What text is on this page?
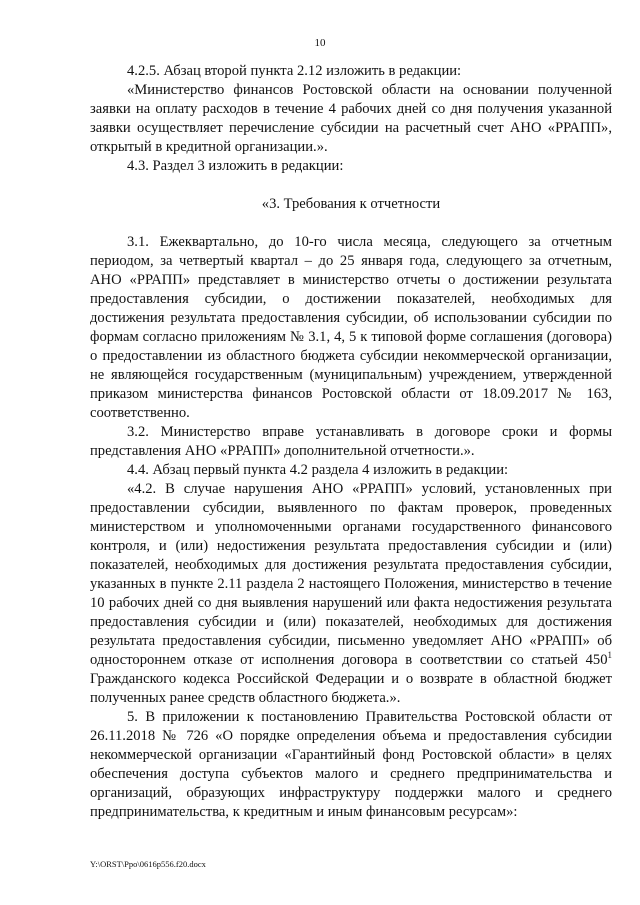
10

4.2.5. Абзац второй пункта 2.12 изложить в редакции:

«Министерство финансов Ростовской области на основании полученной заявки на оплату расходов в течение 4 рабочих дней со дня получения указанной заявки осуществляет перечисление субсидии на расчетный счет АНО «РРАПП», открытый в кредитной организации.».

4.3. Раздел 3 изложить в редакции:

«3. Требования к отчетности

3.1. Ежеквартально, до 10-го числа месяца, следующего за отчетным периодом, за четвертый квартал – до 25 января года, следующего за отчетным, АНО «РРАПП» представляет в министерство отчеты о достижении результата предоставления субсидии, о достижении показателей, необходимых для достижения результата предоставления субсидии, об использовании субсидии по формам согласно приложениям № 3.1, 4, 5 к типовой форме соглашения (договора) о предоставлении из областного бюджета субсидии некоммерческой организации, не являющейся государственным (муниципальным) учреждением, утвержденной приказом министерства финансов Ростовской области от 18.09.2017 № 163, соответственно.

3.2. Министерство вправе устанавливать в договоре сроки и формы представления АНО «РРАПП» дополнительной отчетности.».

4.4. Абзац первый пункта 4.2 раздела 4 изложить в редакции:

«4.2. В случае нарушения АНО «РРАПП» условий, установленных при предоставлении субсидии, выявленного по фактам проверок, проведенных министерством и уполномоченными органами государственного финансового контроля, и (или) недостижения результата предоставления субсидии и (или) показателей, необходимых для достижения результата предоставления субсидии, указанных в пункте 2.11 раздела 2 настоящего Положения, министерство в течение 10 рабочих дней со дня выявления нарушений или факта недостижения результата предоставления субсидии и (или) показателей, необходимых для достижения результата предоставления субсидии, письменно уведомляет АНО «РРАПП» об одностороннем отказе от исполнения договора в соответствии со статьей $450^1$ Гражданского кодекса Российской Федерации и о возврате в областной бюджет полученных ранее средств областного бюджета.».

5. В приложении к постановлению Правительства Ростовской области от 26.11.2018 № 726 «О порядке определения объема и предоставления субсидии некоммерческой организации «Гарантийный фонд Ростовской области» в целях обеспечения доступа субъектов малого и среднего предпринимательства и организаций, образующих инфраструктуру поддержки малого и среднего предпринимательства, к кредитным и иным финансовым ресурсам»:

Y:\ORST\Ppo\0616p556.f20.docx
